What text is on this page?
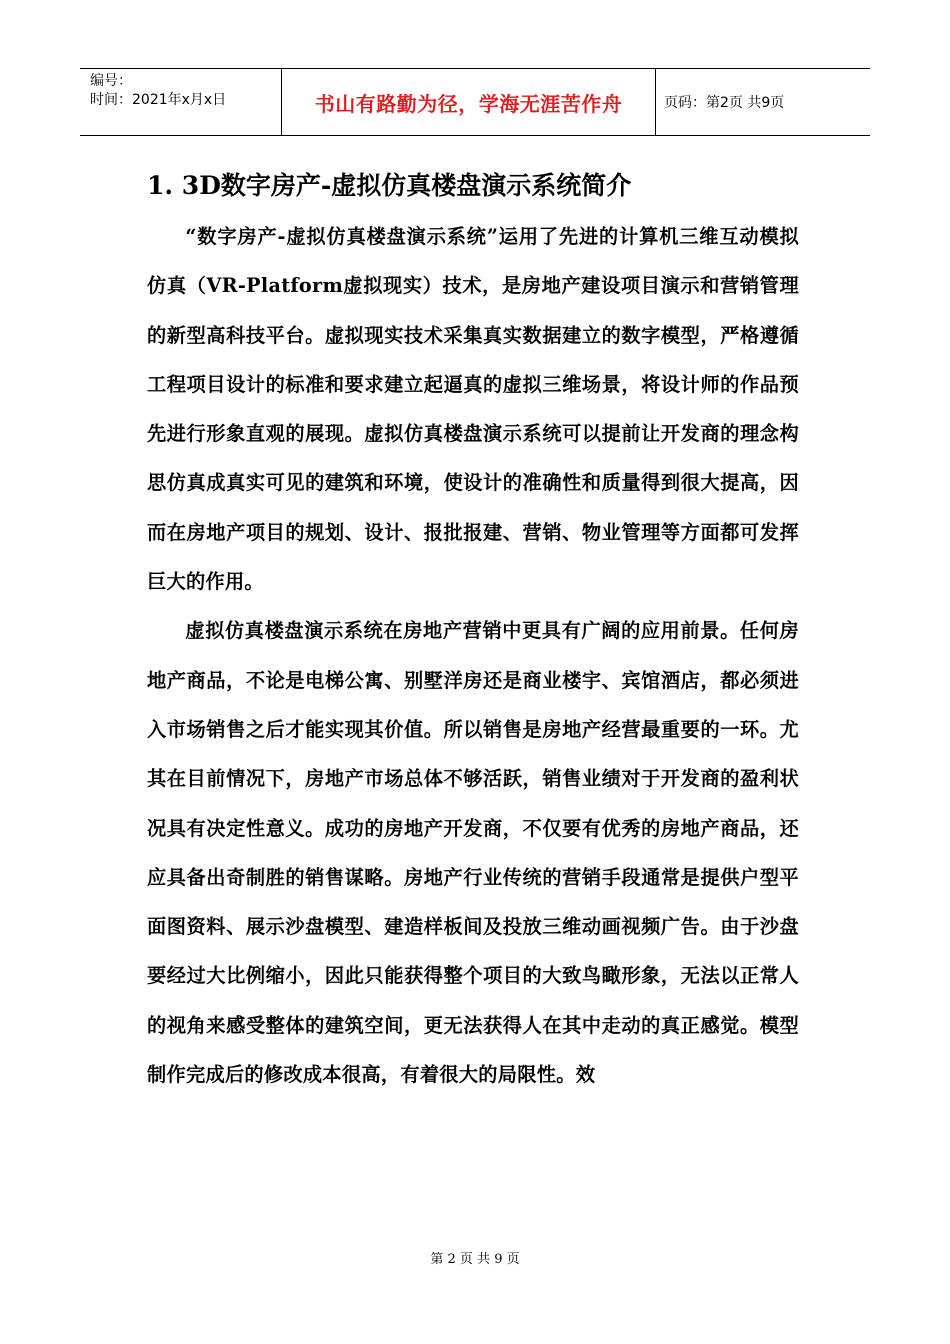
编号：
时间：2021年x月x日	书山有路勤为径，学海无涯苦作舟	页码：第2页 共9页
1. 3D数字房产-虚拟仿真楼盘演示系统简介

“数字房产-虚拟仿真楼盘演示系统”运用了先进的计算机三维互动模拟仿真（VR-Platform虚拟现实）技术，是房地产建设项目演示和营销管理的新型高科技平台。虚拟现实技术采集真实数据建立的数字模型，严格遵循工程项目设计的标准和要求建立起逼真的虚拟三维场景，将设计师的作品预先进行形象直观的展现。虚拟仿真楼盘演示系统可以提前让开发商的理念构思仿真成真实可见的建筑和环境，使设计的准确性和质量得到很大提高，因而在房地产项目的规划、设计、报批报建、营销、物业管理等方面都可发挥巨大的作用。

虚拟仿真楼盘演示系统在房地产营销中更具有广阔的应用前景。任何房地产商品，不论是电梯公寓、别墅洋房还是商业楼宇、宾馆酒店，都必须进入市场销售之后才能实现其价值。所以销售是房地产经营最重要的一环。尤其在目前情况下，房地产市场总体不够活跃，销售业绩对于开发商的盈利状况具有决定性意义。成功的房地产开发商，不仅要有优秀的房地产商品，还应具备出奇制胜的销售谋略。房地产行业传统的营销手段通常是提供户型平面图资料、展示沙盘模型、建造样板间及投放三维动画视频广告。由于沙盘要经过大比例缩小，因此只能获得整个项目的大致鸟瞰形象，无法以正常人的视角来感受整体的建筑空间，更无法获得人在其中走动的真正感觉。模型制作完成后的修改成本很高，有着很大的局限性。效

第 2 页 共 9 页
